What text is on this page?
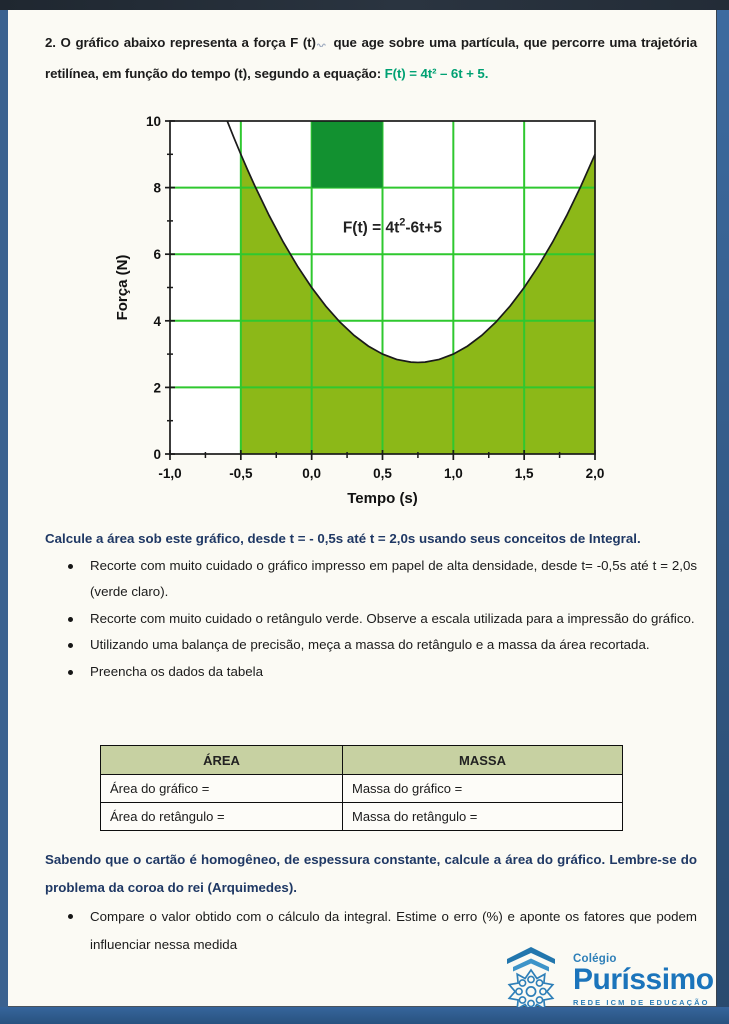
2. O gráfico abaixo representa a força F (t) que age sobre uma partícula, que percorre uma trajetória retilínea, em função do tempo (t), segundo a equação: F(t) = 4t² – 6t + 5.

-1,0	-0,5	0,0	0,5	1,0	1,5	2,0
0
2
4
6
8
10
Tempo (s)
Força (N)
$F(t) = 4t^2-6t+5$

Calcule a área sob este gráfico, desde t = - 0,5s até t = 2,0s usando seus conceitos de Integral.

Recorte com muito cuidado o gráfico impresso em papel de alta densidade, desde t= -0,5s até t = 2,0s (verde claro).
Recorte com muito cuidado o retângulo verde. Observe a escala utilizada para a impressão do gráfico.
Utilizando uma balança de precisão, meça a massa do retângulo e a massa da área recortada.
Preencha os dados da tabela
ÁREA	MASSA
Área do gráfico =	Massa do gráfico =
Área do retângulo =	Massa do retângulo =

Sabendo que o cartão é homogêneo, de espessura constante, calcule a área do gráfico. Lembre-se do problema da coroa do rei (Arquimedes).

Compare o valor obtido com o cálculo da integral. Estime o erro (%) e aponte os fatores que podem influenciar nessa medida
Colégio
Puríssimo
REDE ICM DE EDUCAÇÃO
